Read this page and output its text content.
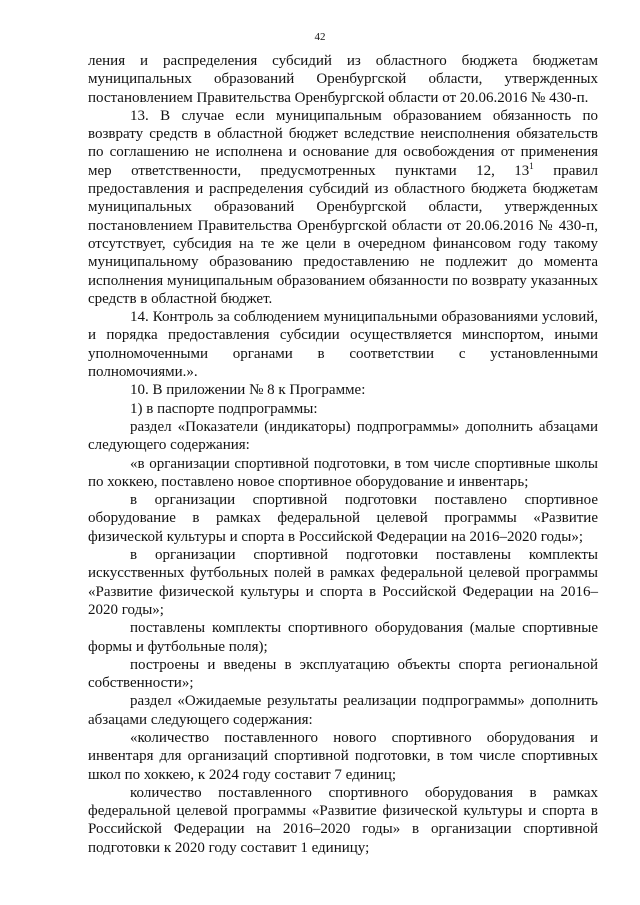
42

ления и распределения субсидий из областного бюджета бюджетам муниципальных образований Оренбургской области, утвержденных постановлением Правительства Оренбургской области от 20.06.2016 № 430-п.

13. В случае если муниципальным образованием обязанность по возврату средств в областной бюджет вследствие неисполнения обязательств по соглашению не исполнена и основание для освобождения от применения мер ответственности, предусмотренных пунктами 12, $13^1$ правил предоставления и распределения субсидий из областного бюджета бюджетам муниципальных образований Оренбургской области, утвержденных постановлением Правительства Оренбургской области от 20.06.2016 № 430-п, отсутствует, субсидия на те же цели в очередном финансовом году такому муниципальному образованию предоставлению не подлежит до момента исполнения муниципальным образованием обязанности по возврату указанных средств в областной бюджет.

14. Контроль за соблюдением муниципальными образованиями условий, и порядка предоставления субсидии осуществляется минспортом, иными уполномоченными органами в соответствии с установленными полномочиями.».

10. В приложении № 8 к Программе:

1) в паспорте подпрограммы:

раздел «Показатели (индикаторы) подпрограммы» дополнить абзацами следующего содержания:

«в организации спортивной подготовки, в том числе спортивные школы по хоккею, поставлено новое спортивное оборудование и инвентарь;

в организации спортивной подготовки поставлено спортивное оборудование в рамках федеральной целевой программы «Развитие физической культуры и спорта в Российской Федерации на 2016–2020 годы»;

в организации спортивной подготовки поставлены комплекты искусственных футбольных полей в рамках федеральной целевой программы «Развитие физической культуры и спорта в Российской Федерации на 2016–2020 годы»;

поставлены комплекты спортивного оборудования (малые спортивные формы и футбольные поля);

построены и введены в эксплуатацию объекты спорта региональной собственности»;

раздел «Ожидаемые результаты реализации подпрограммы» дополнить абзацами следующего содержания:

«количество поставленного нового спортивного оборудования и инвентаря для организаций спортивной подготовки, в том числе спортивных школ по хоккею, к 2024 году составит 7 единиц;

количество поставленного спортивного оборудования в рамках федеральной целевой программы «Развитие физической культуры и спорта в Российской Федерации на 2016–2020 годы» в организации спортивной подготовки к 2020 году составит 1 единицу;
